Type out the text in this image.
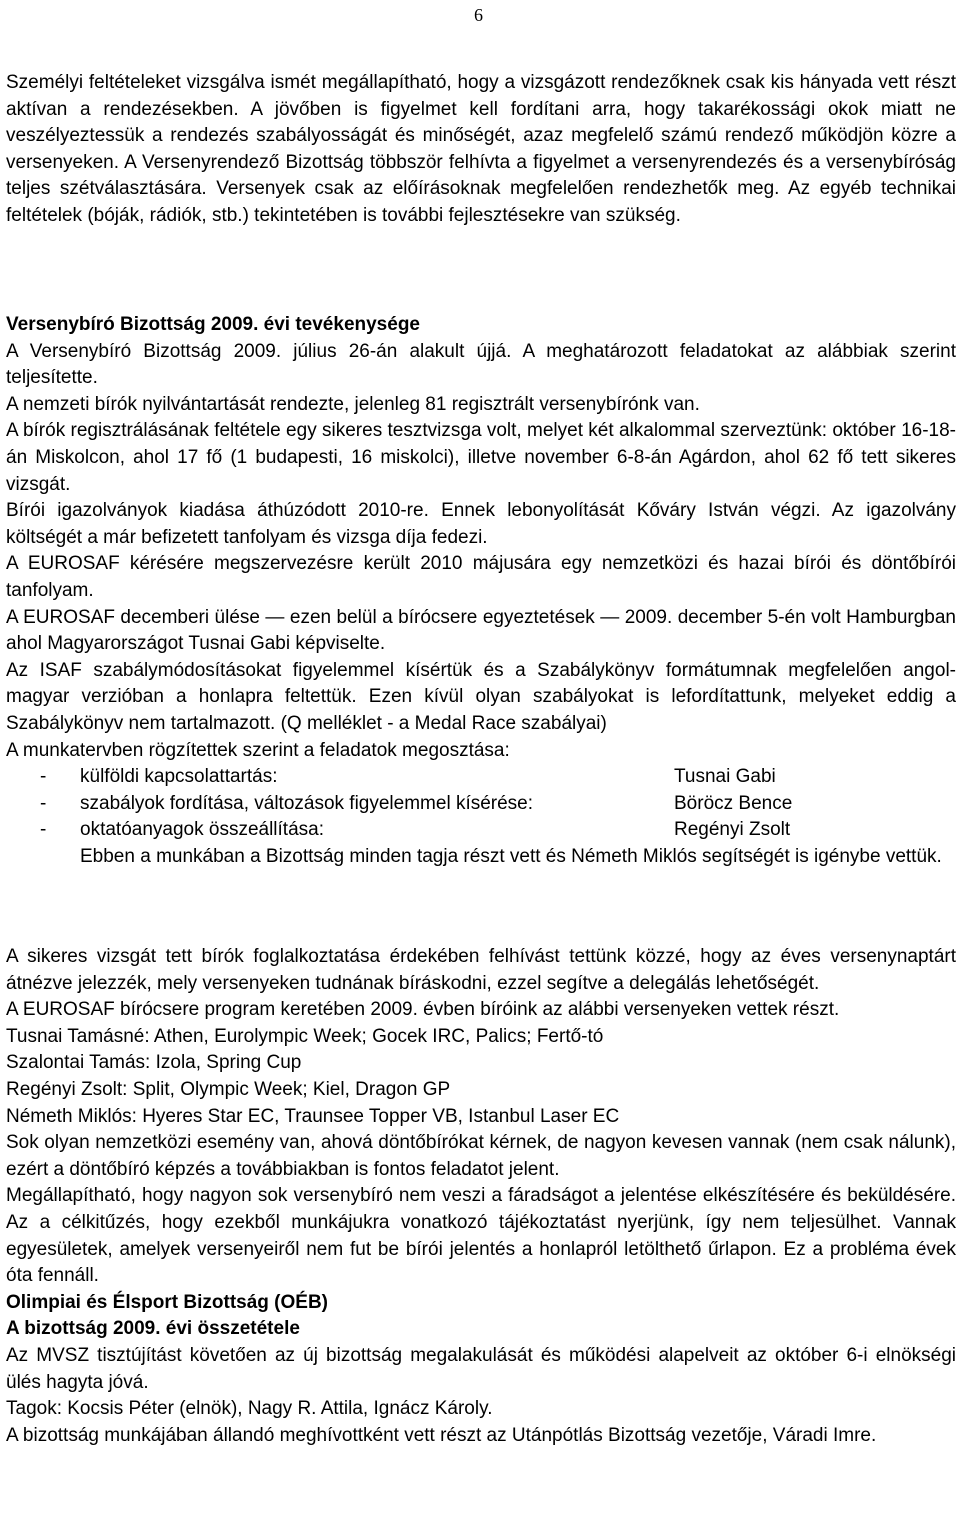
6

Személyi feltételeket vizsgálva ismét megállapítható, hogy a vizsgázott rendezőknek csak kis hányada vett részt aktívan a rendezésekben. A jövőben is figyelmet kell fordítani arra, hogy takarékossági okok miatt ne veszélyeztessük a rendezés szabályosságát és minőségét, azaz megfelelő számú rendező működjön közre a versenyeken. A Versenyrendező Bizottság többször felhívta a figyelmet a versenyrendezés és a versenybíróság teljes szétválasztására. Versenyek csak az előírásoknak megfelelően rendezhetők meg. Az egyéb technikai feltételek (bóják, rádiók, stb.) tekintetében is további fejlesztésekre van szükség.

Versenybíró Bizottság 2009. évi tevékenysége

A Versenybíró Bizottság 2009. július 26-án alakult újjá. A meghatározott feladatokat az alábbiak szerint teljesítette.

A nemzeti bírók nyilvántartását rendezte, jelenleg 81 regisztrált versenybírónk van.

A bírók regisztrálásának feltétele egy sikeres tesztvizsga volt, melyet két alkalommal szerveztünk: október 16-18-án Miskolcon, ahol 17 fő (1 budapesti, 16 miskolci), illetve november 6-8-án Agárdon, ahol 62 fő tett sikeres vizsgát.

Bírói igazolványok kiadása áthúzódott 2010-re. Ennek lebonyolítását Kőváry István végzi. Az igazolvány költségét a már befizetett tanfolyam és vizsga díja fedezi.

A EUROSAF kérésére megszervezésre került 2010 májusára egy nemzetközi és hazai bírói és döntőbírói tanfolyam.

A EUROSAF decemberi ülése — ezen belül a bírócsere egyeztetések — 2009. december 5-én volt Hamburgban ahol Magyarországot Tusnai Gabi képviselte.

Az ISAF szabálymódosításokat figyelemmel kísértük és a Szabálykönyv formátumnak megfelelően angol-magyar verzióban a honlapra feltettük. Ezen kívül olyan szabályokat is lefordítattunk, melyeket eddig a Szabálykönyv nem tartalmazott. (Q melléklet - a Medal Race szabályai)

A munkatervben rögzítettek szerint a feladatok megosztása:

-	külföldi kapcsolattartás:	Tusnai Gabi
-	szabályok fordítása, változások figyelemmel kísérése:	Böröcz Bence
-	oktatóanyagok összeállítása:	Regényi Zsolt

Ebben a munkában a Bizottság minden tagja részt vett és Németh Miklós segítségét is igénybe vettük.

A sikeres vizsgát tett bírók foglalkoztatása érdekében felhívást tettünk közzé, hogy az éves versenynaptárt átnézve jelezzék, mely versenyeken tudnának bíráskodni, ezzel segítve a delegálás lehetőségét.

A EUROSAF bírócsere program keretében 2009. évben bíróink az alábbi versenyeken vettek részt.

Tusnai Tamásné: Athen, Eurolympic Week; Gocek IRC, Palics; Fertő-tó

Szalontai Tamás: Izola, Spring Cup

Regényi Zsolt: Split, Olympic Week; Kiel, Dragon GP

Németh Miklós: Hyeres Star EC, Traunsee Topper VB, Istanbul Laser EC

Sok olyan nemzetközi esemény van, ahová döntőbírókat kérnek, de nagyon kevesen vannak (nem csak nálunk), ezért a döntőbíró képzés a továbbiakban is fontos feladatot jelent.

Megállapítható, hogy nagyon sok versenybíró nem veszi a fáradságot a jelentése elkészítésére és beküldésére. Az a célkitűzés, hogy ezekből munkájukra vonatkozó tájékoztatást nyerjünk, így nem teljesülhet. Vannak egyesületek, amelyek versenyeiről nem fut be bírói jelentés a honlapról letölthető űrlapon. Ez a probléma évek óta fennáll.

Olimpiai és Élsport Bizottság (OÉB)

A bizottság 2009. évi összetétele

Az MVSZ tisztújítást követően az új bizottság megalakulását és működési alapelveit az október 6-i elnökségi ülés hagyta jóvá.

Tagok: Kocsis Péter (elnök), Nagy R. Attila, Ignácz Károly.

A bizottság munkájában állandó meghívottként vett részt az Utánpótlás Bizottság vezetője, Váradi Imre.
